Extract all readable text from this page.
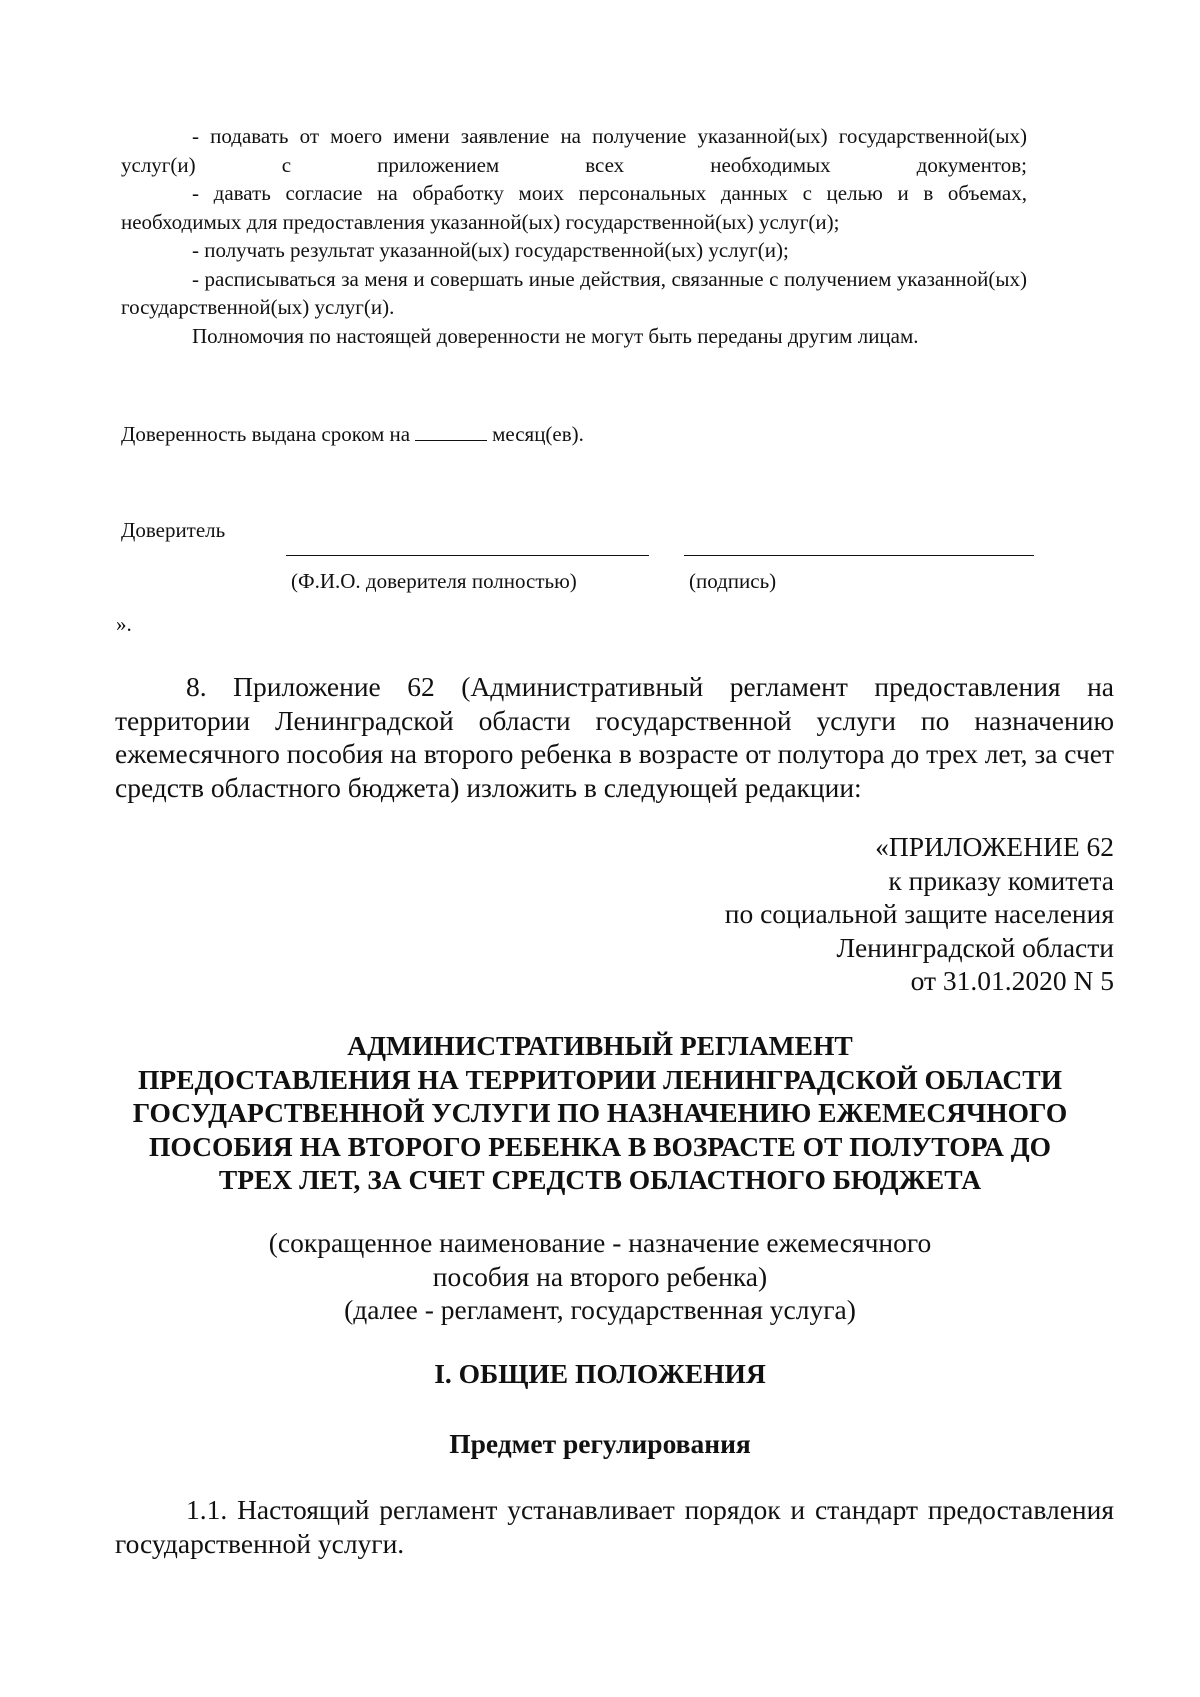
- подавать от моего имени заявление на получение указанной(ых) государственной(ых) услуг(и) с приложением всех необходимых документов;

- давать согласие на обработку моих персональных данных с целью и в объемах, необходимых для предоставления указанной(ых) государственной(ых) услуг(и);

- получать результат указанной(ых) государственной(ых) услуг(и);

- расписываться за меня и совершать иные действия, связанные с получением указанной(ых) государственной(ых) услуг(и).

Полномочия по настоящей доверенности не могут быть переданы другим лицам.

Доверенность выдана сроком на	месяц(ев).
Доверитель
(Ф.И.О. доверителя полностью)	(подпись)
».

8. Приложение 62 (Административный регламент предоставления на территории Ленинградской области государственной услуги по назначению ежемесячного пособия на второго ребенка в возрасте от полутора до трех лет, за счет средств областного бюджета) изложить в следующей редакции:

«ПРИЛОЖЕНИЕ 62
к приказу комитета
по социальной защите населения
Ленинградской области
от 31.01.2020 N 5
АДМИНИСТРАТИВНЫЙ РЕГЛАМЕНТ
ПРЕДОСТАВЛЕНИЯ НА ТЕРРИТОРИИ ЛЕНИНГРАДСКОЙ ОБЛАСТИ
ГОСУДАРСТВЕННОЙ УСЛУГИ ПО НАЗНАЧЕНИЮ ЕЖЕМЕСЯЧНОГО
ПОСОБИЯ НА ВТОРОГО РЕБЕНКА В ВОЗРАСТЕ ОТ ПОЛУТОРА ДО
ТРЕХ ЛЕТ, ЗА СЧЕТ СРЕДСТВ ОБЛАСТНОГО БЮДЖЕТА
(сокращенное наименование - назначение ежемесячного
пособия на второго ребенка)
(далее - регламент, государственная услуга)
I. ОБЩИЕ ПОЛОЖЕНИЯ
Предмет регулирования

1.1. Настоящий регламент устанавливает порядок и стандарт предоставления государственной услуги.
